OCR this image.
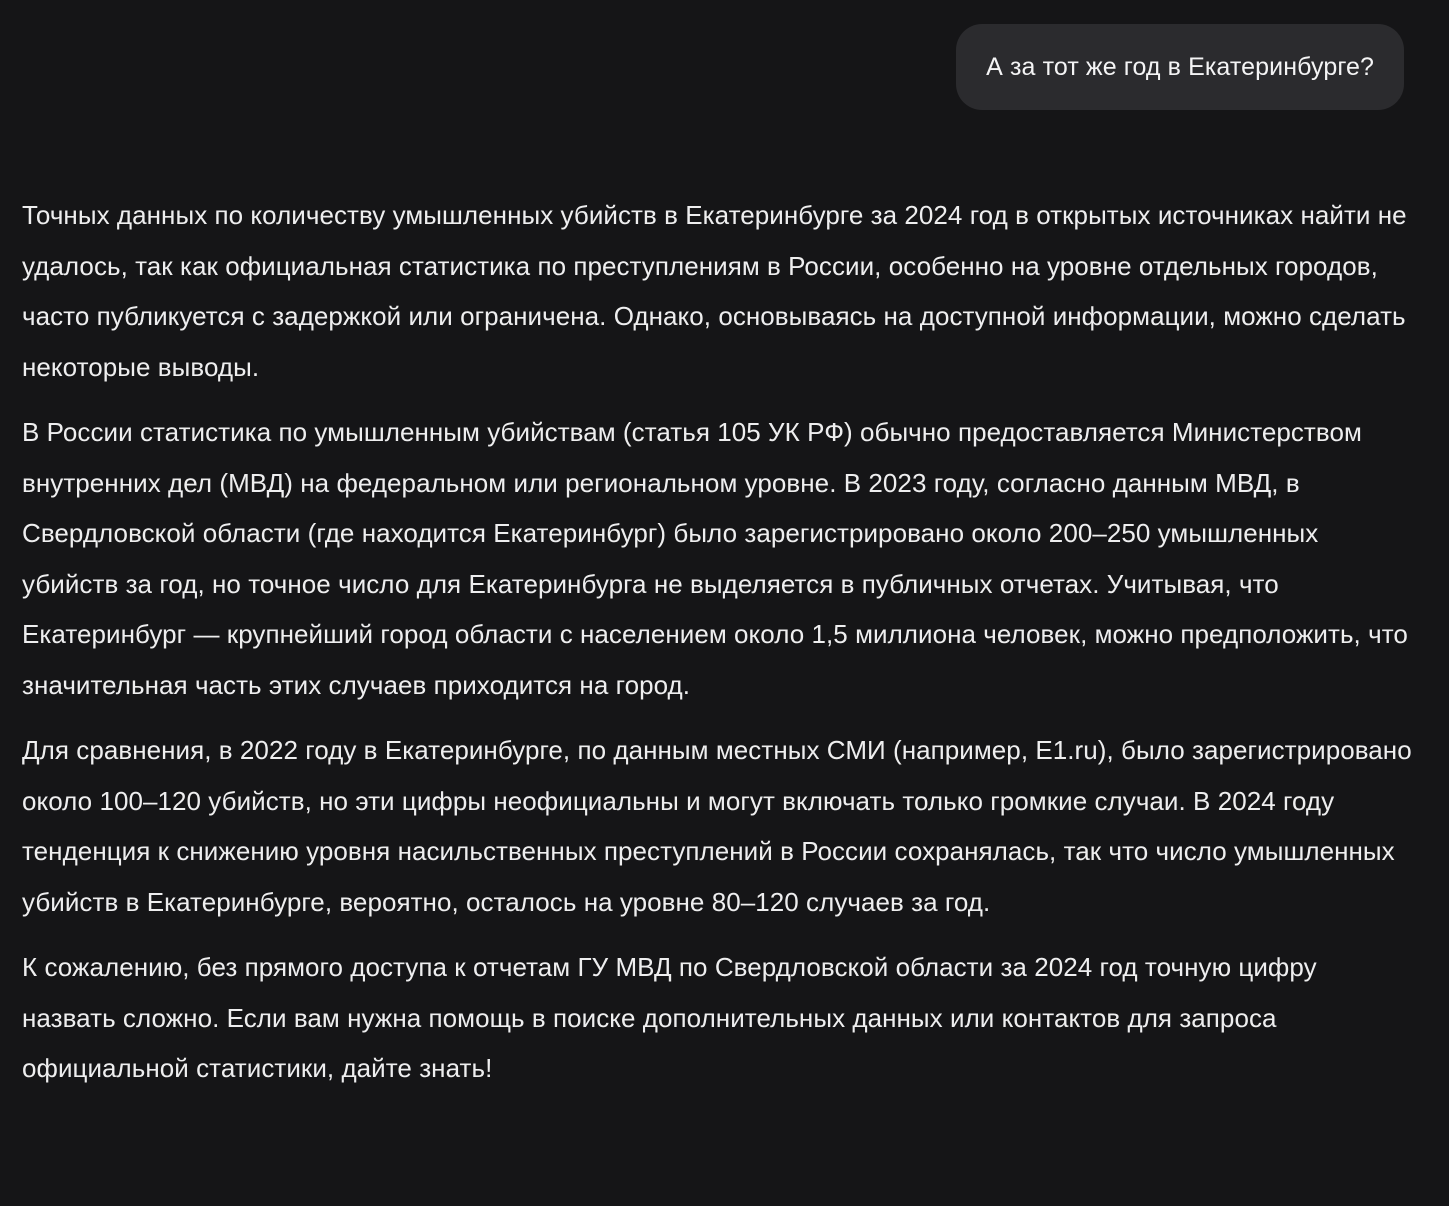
А за тот же год в Екатеринбурге?

Точных данных по количеству умышленных убийств в Екатеринбурге за 2024 год в открытых источниках найти не удалось, так как официальная статистика по преступлениям в России, особенно на уровне отдельных городов, часто публикуется с задержкой или ограничена. Однако, основываясь на доступной информации, можно сделать некоторые выводы.

В России статистика по умышленным убийствам (статья 105 УК РФ) обычно предоставляется Министерством внутренних дел (МВД) на федеральном или региональном уровне. В 2023 году, согласно данным МВД, в Свердловской области (где находится Екатеринбург) было зарегистрировано около 200–250 умышленных убийств за год, но точное число для Екатеринбурга не выделяется в публичных отчетах. Учитывая, что Екатеринбург — крупнейший город области с населением около 1,5 миллиона человек, можно предположить, что значительная часть этих случаев приходится на город.

Для сравнения, в 2022 году в Екатеринбурге, по данным местных СМИ (например, E1.ru), было зарегистрировано около 100–120 убийств, но эти цифры неофициальны и могут включать только громкие случаи. В 2024 году тенденция к снижению уровня насильственных преступлений в России сохранялась, так что число умышленных убийств в Екатеринбурге, вероятно, осталось на уровне 80–120 случаев за год.

К сожалению, без прямого доступа к отчетам ГУ МВД по Свердловской области за 2024 год точную цифру назвать сложно. Если вам нужна помощь в поиске дополнительных данных или контактов для запроса официальной статистики, дайте знать!
